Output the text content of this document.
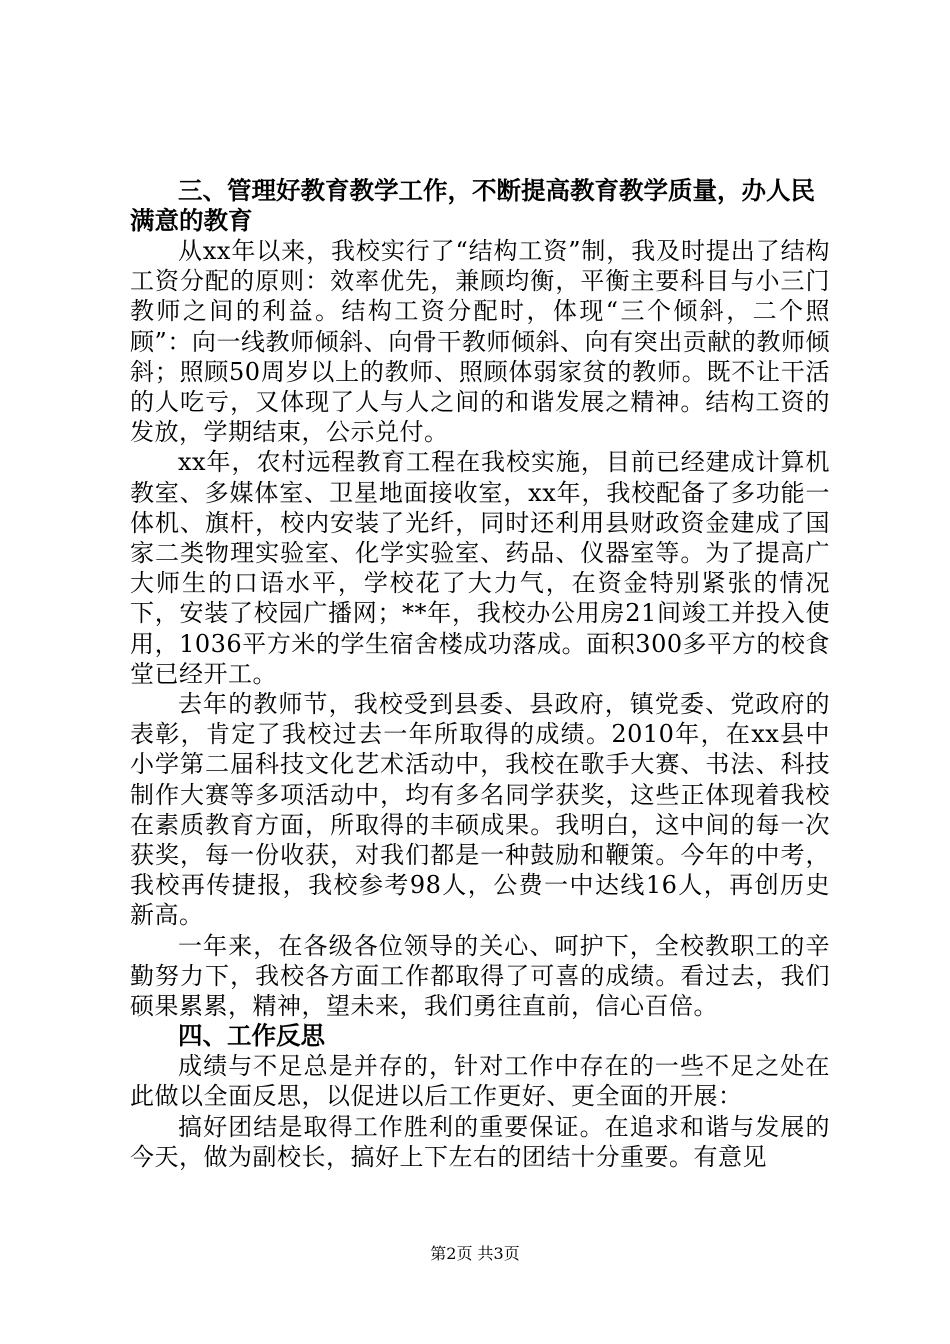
三、管理好教育教学工作，不断提高教育教学质量，办人民满意的教育

从xx年以来，我校实行了“结构工资”制，我及时提出了结构工资分配的原则：效率优先，兼顾均衡，平衡主要科目与小三门教师之间的利益。结构工资分配时，体现“三个倾斜，二个照顾”：向一线教师倾斜、向骨干教师倾斜、向有突出贡献的教师倾斜；照顾50周岁以上的教师、照顾体弱家贫的教师。既不让干活的人吃亏，又体现了人与人之间的和谐发展之精神。结构工资的发放，学期结束，公示兑付。

xx年，农村远程教育工程在我校实施，目前已经建成计算机教室、多媒体室、卫星地面接收室，xx年，我校配备了多功能一体机、旗杆，校内安装了光纤，同时还利用县财政资金建成了国家二类物理实验室、化学实验室、药品、仪器室等。为了提高广大师生的口语水平，学校花了大力气，在资金特别紧张的情况下，安装了校园广播网；**年，我校办公用房21间竣工并投入使用，1036平方米的学生宿舍楼成功落成。面积300多平方的校食堂已经开工。

去年的教师节，我校受到县委、县政府，镇党委、党政府的表彰，肯定了我校过去一年所取得的成绩。2010年，在xx县中小学第二届科技文化艺术活动中，我校在歌手大赛、书法、科技制作大赛等多项活动中，均有多名同学获奖，这些正体现着我校在素质教育方面，所取得的丰硕成果。我明白，这中间的每一次获奖，每一份收获，对我们都是一种鼓励和鞭策。今年的中考，我校再传捷报，我校参考98人，公费一中达线16人，再创历史新高。

一年来，在各级各位领导的关心、呵护下，全校教职工的辛勤努力下，我校各方面工作都取得了可喜的成绩。看过去，我们硕果累累，精神，望未来，我们勇往直前，信心百倍。

四、工作反思

成绩与不足总是并存的，针对工作中存在的一些不足之处在此做以全面反思，以促进以后工作更好、更全面的开展：

搞好团结是取得工作胜利的重要保证。在追求和谐与发展的今天，做为副校长，搞好上下左右的团结十分重要。有意见

第2页 共3页
